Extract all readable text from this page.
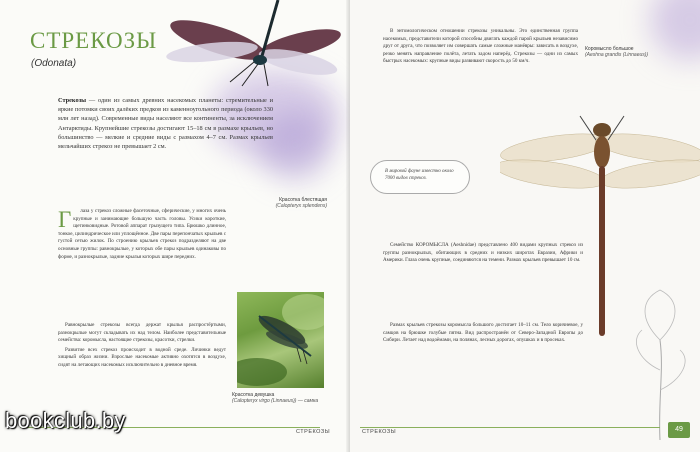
СТРЕКОЗЫ
(Odonata)
Стрекозы — один из самых древних насекомых планеты: стремительные и яркие потомки своих далёких предков из каменноугольного периода (около 330 млн лет назад). Современные виды населяют все континенты, за исключением Антарктиды. Крупнейшие стрекозы достигают 15–18 см в размахе крыльев, но большинство — мелкие и средние виды с размахом 4–7 см. Размах крыльев мельчайших стрекоз не превышает 2 см.
Красотка блестящая
(Calopteryx splendens)
Г	лаза у стрекоз сложные фасеточные, сферические, у многих очень крупные и занимающие большую часть головы. Усики короткие, щетинковидные. Ротовой аппарат грызущего типа. Брюшко длинное, тонкое, цилиндрическое или уплощённое. Две пары перепончатых крыльев с густой сетью жилок. По строению крыльев стрекоз подразделяют на две основные группы: равнокрылые, у которых обе пары крыльев одинаковы по форме, и разнокрылые, задние крылья которых шире передних.

Равнокрылые стрекозы всегда держат крылья распростёртыми, разнокрылые могут складывать их над телом. Наиболее представительные семейства: коромысла, настоящие стрекозы, красотки, стрелки.

Развитие всех стрекоз происходит в водной среде. Личинки ведут хищный образ жизни. Взрослые насекомые активно охотятся в воздухе, сидят на летающих насекомых исключительно в дневное время.

Красотка девушка
(Calopteryx virgo (Linnaeus)) — самка
СТРЕКОЗЫ

В энтомологическом отношении стрекозы уникальны. Это единственная группа насекомых, представители которой способны двигать каждой парой крыльев независимо друг от друга, что позволяет им совершать самые сложные манёвры: зависать в воздухе, резко менять направление полёта, летать задом наперёд. Стрекозы — одни из самых быстрых насекомых: крупные виды развивают скорость до 50 км/ч.

В мировой фауне известно около 7000 видов стрекоз.
Коромысло большое
(Aeshna grandis (Linnaeus))

Семейство КОРОМЫСЛА (Aeshnidae) представлено 400 видами крупных стрекоз из группы разнокрылых, обитающих в средних и низких широтах Евразии, Африки и Америки. Глаза очень крупные, соединяются на темени. Размах крыльев превышает 10 см.

Размах крыльев стрекозы коромысла большого достигает 10–11 см. Тело коричневое, у самцов на брюшке голубые пятна. Вид распространён от Северо-Западной Европы до Сибири. Летает над водоёмами, на полянах, лесных дорогах, опушках и в просеках.

СТРЕКОЗЫ	49
bookclub.by
